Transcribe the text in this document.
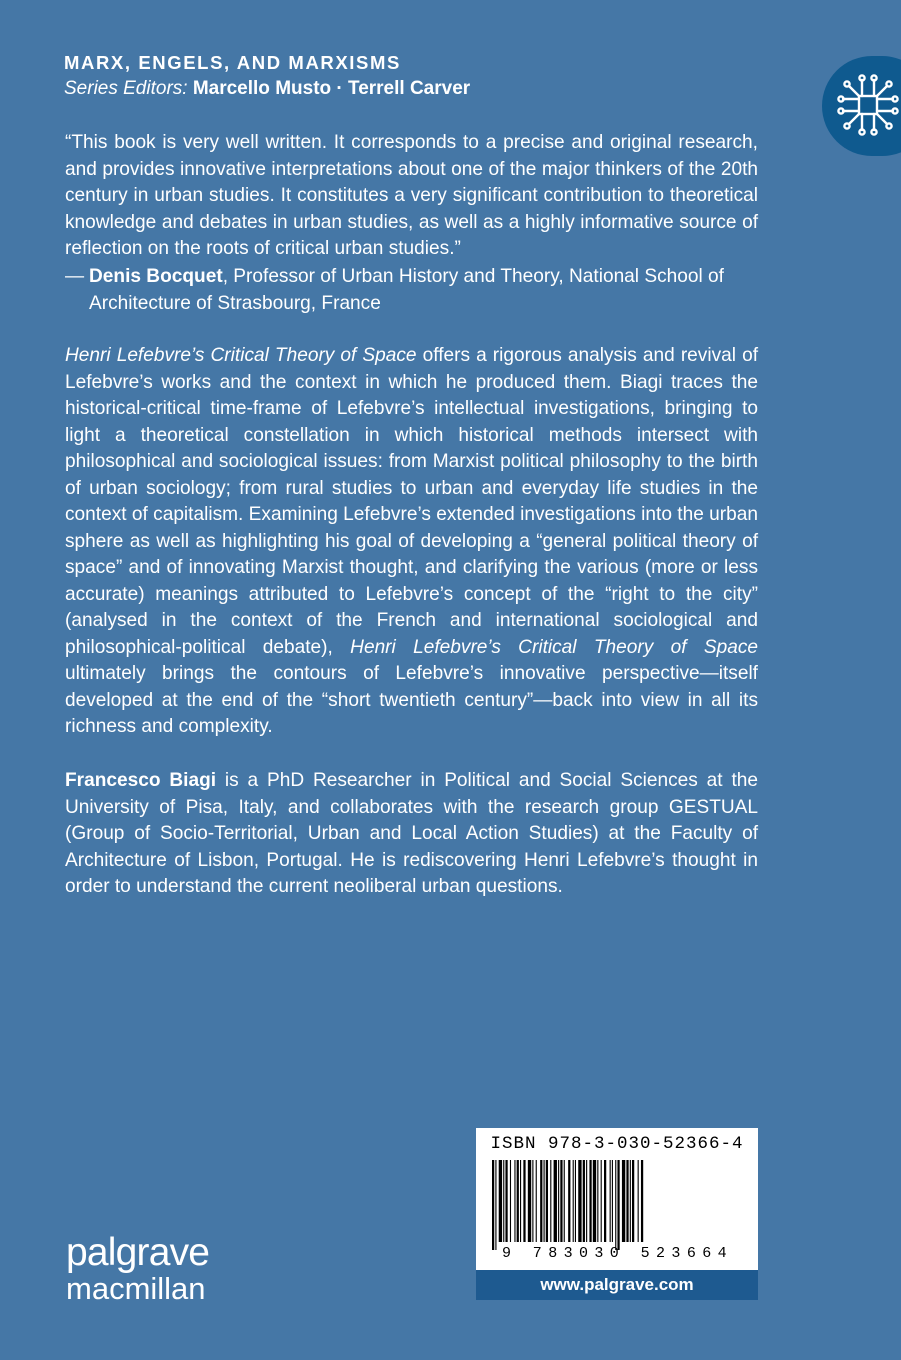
MARX, ENGELS, AND MARXISMS
Series Editors: Marcello Musto · Terrell Carver
“This book is very well written. It corresponds to a precise and original research, and provides innovative interpretations about one of the major thinkers of the 20th century in urban studies. It constitutes a very significant contribution to theoretical knowledge and debates in urban studies, as well as a highly informative source of reflection on the roots of critical urban studies.”
— Denis Bocquet, Professor of Urban History and Theory, National School of
Architecture of Strasbourg, France
Henri Lefebvre’s Critical Theory of Space offers a rigorous analysis and revival of Lefebvre’s works and the context in which he produced them. Biagi traces the historical-critical time-frame of Lefebvre’s intellectual investigations, bringing to light a theoretical constellation in which historical methods intersect with philosophical and sociological issues: from Marxist political philosophy to the birth of urban sociology; from rural studies to urban and everyday life studies in the context of capitalism. Examining Lefebvre’s extended investigations into the urban sphere as well as highlighting his goal of developing a “general political theory of space” and of innovating Marxist thought, and clarifying the various (more or less accurate) meanings attributed to Lefebvre’s concept of the “right to the city” (analysed in the context of the French and international sociological and philosophical-political debate), Henri Lefebvre’s Critical Theory of Space ultimately brings the contours of Lefebvre’s innovative perspective—itself developed at the end of the “short twentieth century”—back into view in all its richness and complexity.
Francesco Biagi is a PhD Researcher in Political and Social Sciences at the University of Pisa, Italy, and collaborates with the research group GESTUAL (Group of Socio-Territorial, Urban and Local Action Studies) at the Faculty of Architecture of Lisbon, Portugal. He is rediscovering Henri Lefebvre’s thought in order to understand the current neoliberal urban questions.
palgrave
macmillan
ISBN 978-3-030-52366-4
9 783030 523664
www.palgrave.com
